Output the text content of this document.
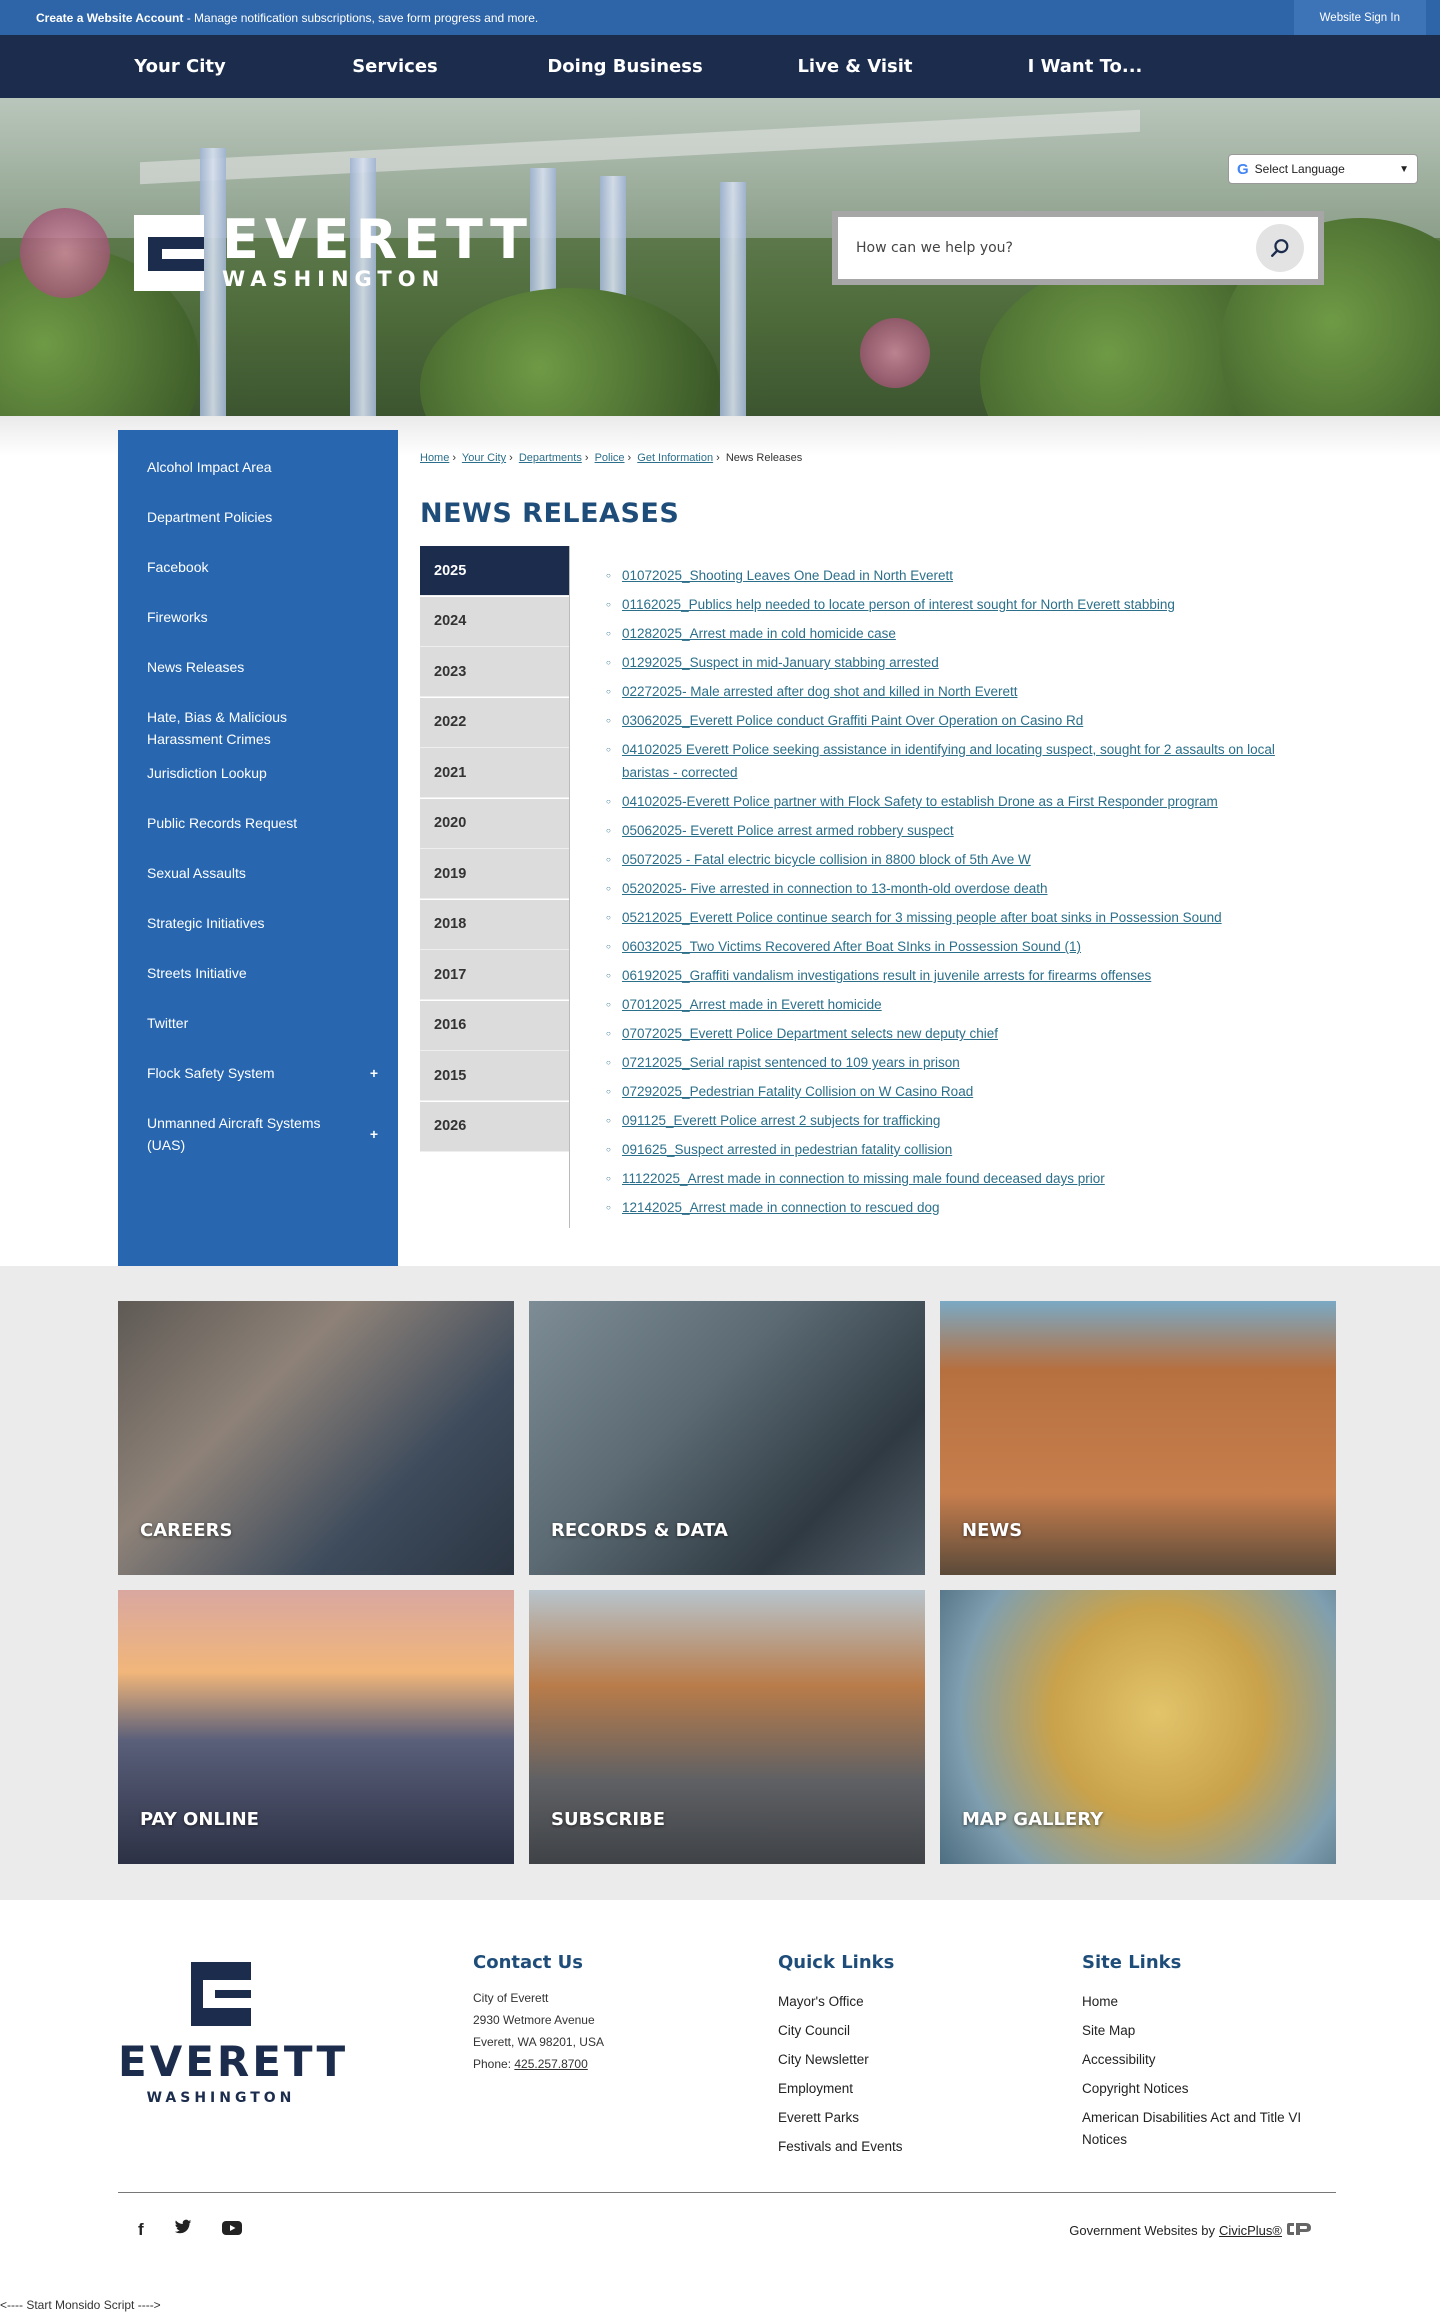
Create a Website Account - Manage notification subscriptions, save form progress and more.	Website Sign In
Your City	Services	Doing Business	Live & Visit	I Want To...
EVERETT
WASHINGTON
G Select Language	▼
How can we help you?
Alcohol Impact Area
Department Policies
Facebook
Fireworks
News Releases
Hate, Bias & Malicious Harassment Crimes
Jurisdiction Lookup
Public Records Request
Sexual Assaults
Strategic Initiatives
Streets Initiative
Twitter
Flock Safety System	+
Unmanned Aircraft Systems (UAS)
+
Home › Your City › Departments › Police › Get Information › News Releases
NEWS RELEASES
2025
2024
2023
2022
2021
2020
2019
2018
2017
2016
2015
2026
○ 01072025_Shooting Leaves One Dead in North Everett
○ 01162025_Publics help needed to locate person of interest sought for North Everett stabbing
○ 01282025_Arrest made in cold homicide case
○ 01292025_Suspect in mid-January stabbing arrested
○ 02272025- Male arrested after dog shot and killed in North Everett
○ 03062025_Everett Police conduct Graffiti Paint Over Operation on Casino Rd
○ 04102025 Everett Police seeking assistance in identifying and locating suspect, sought for 2 assaults on local baristas - corrected
○ 04102025-Everett Police partner with Flock Safety to establish Drone as a First Responder program
○ 05062025- Everett Police arrest armed robbery suspect
○ 05072025 - Fatal electric bicycle collision in 8800 block of 5th Ave W
○ 05202025- Five arrested in connection to 13-month-old overdose death
○ 05212025_Everett Police continue search for 3 missing people after boat sinks in Possession Sound
○ 06032025_Two Victims Recovered After Boat SInks in Possession Sound (1)
○ 06192025_Graffiti vandalism investigations result in juvenile arrests for firearms offenses
○ 07012025_Arrest made in Everett homicide
○ 07072025_Everett Police Department selects new deputy chief
○ 07212025_Serial rapist sentenced to 109 years in prison
○ 07292025_Pedestrian Fatality Collision on W Casino Road
○ 091125_Everett Police arrest 2 subjects for trafficking
○ 091625_Suspect arrested in pedestrian fatality collision
○ 11122025_Arrest made in connection to missing male found deceased days prior
○ 12142025_Arrest made in connection to rescued dog
CAREERS	RECORDS & DATA	NEWS
PAY ONLINE	SUBSCRIBE	MAP GALLERY
EVERETT
WASHINGTON
Contact Us
City of Everett
2930 Wetmore Avenue
Everett, WA 98201, USA
Phone: 425.257.8700
Quick Links
Mayor's Office
City Council
City Newsletter
Employment
Everett Parks
Festivals and Events
Site Links
Home
Site Map
Accessibility
Copyright Notices
American Disabilities Act and Title VI Notices
f	Government Websites by CivicPlus®
<---- Start Monsido Script ---->
